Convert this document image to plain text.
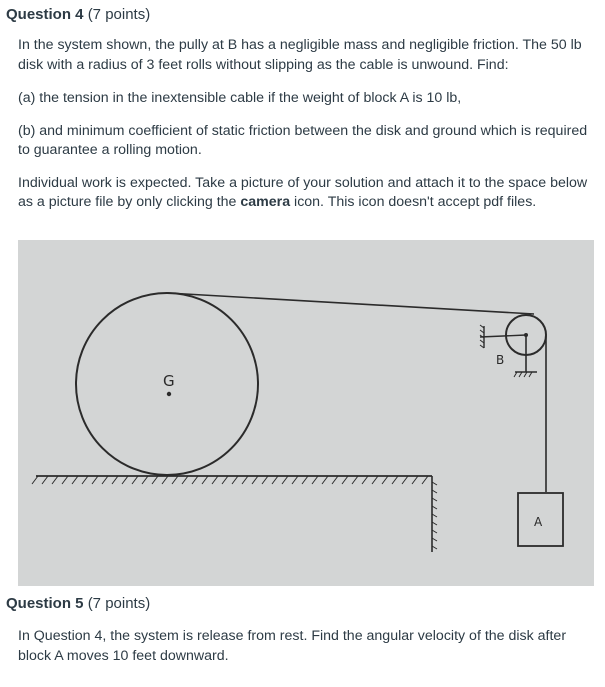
Question 4 (7 points)

In the system shown, the pully at B has a negligible mass and negligible friction. The 50 lb disk with a radius of 3 feet rolls without slipping as the cable is unwound. Find:

(a) the tension in the inextensible cable if the weight of block A is 10 lb,

(b) and minimum coefficient of static friction between the disk and ground which is required to guarantee a rolling motion.

Individual work is expected. Take a picture of your solution and attach it to the space below as a picture file by only clicking the camera icon. This icon doesn't accept pdf files.

G
B
A
Question 5 (7 points)

In Question 4, the system is release from rest. Find the angular velocity of the disk after block A moves 10 feet downward.
